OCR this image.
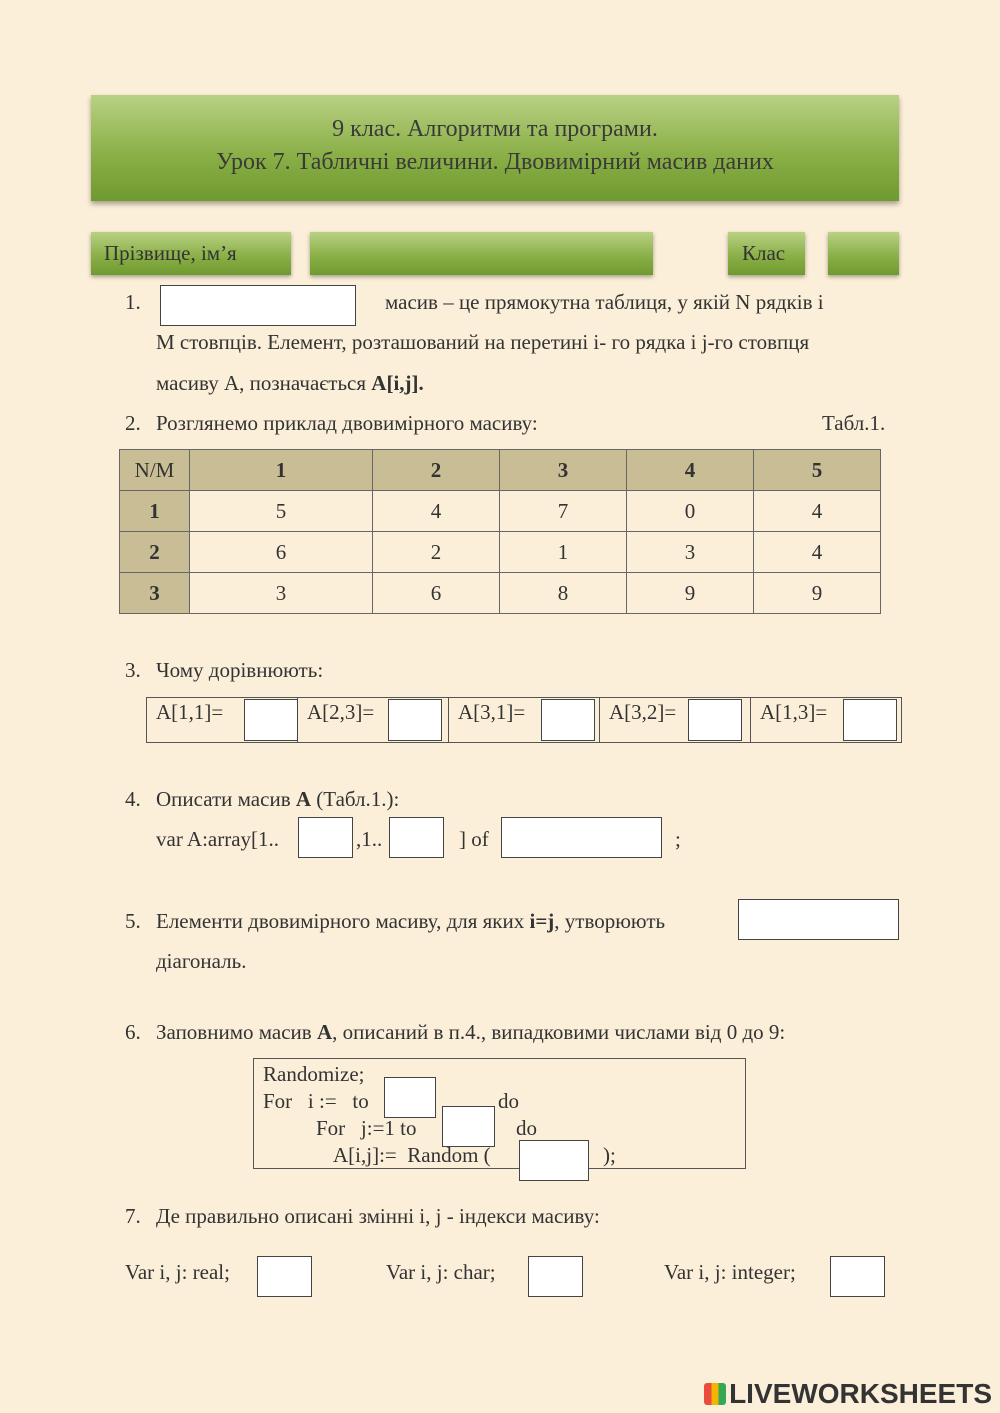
9 клас. Алгоритми та програми.
Урок 7. Табличні величини. Двовимірний масив даних
Прізвище, ім’я	Клас
1.	масив – це прямокутна таблиця, у якій N рядків і
M стовпців. Елемент, розташований на перетині і- го рядка і j-го стовпця
масиву А, позначається A[i,j].
2. Розглянемо приклад двовимірного масиву:	Табл.1.
N/M	1	2	3	4	5
1	5	4	7	0	4
2	6	2	1	3	4
3	3	6	8	9	9
3. Чому дорівнюють:
A[1,1]=	A[2,3]=	A[3,1]=	A[3,2]=	A[1,3]=
4. Описати масив А (Табл.1.):
var A:array[1..	,1..	] of	;
5. Елементи двовимірного масиву, для яких i=j, утворюють
діагональ.
6. Заповнимо масив А, описаний в п.4., випадковими числами від 0 до 9:
Randomize;
For   i :=   to	do
For   j:=1 to	do
A[i,j]:=  Random (	);
7. Де правильно описані змінні i, j - індекси масиву:
Var i, j: real;	Var i, j: char;	Var i, j: integer;
LIVEWORKSHEETS
